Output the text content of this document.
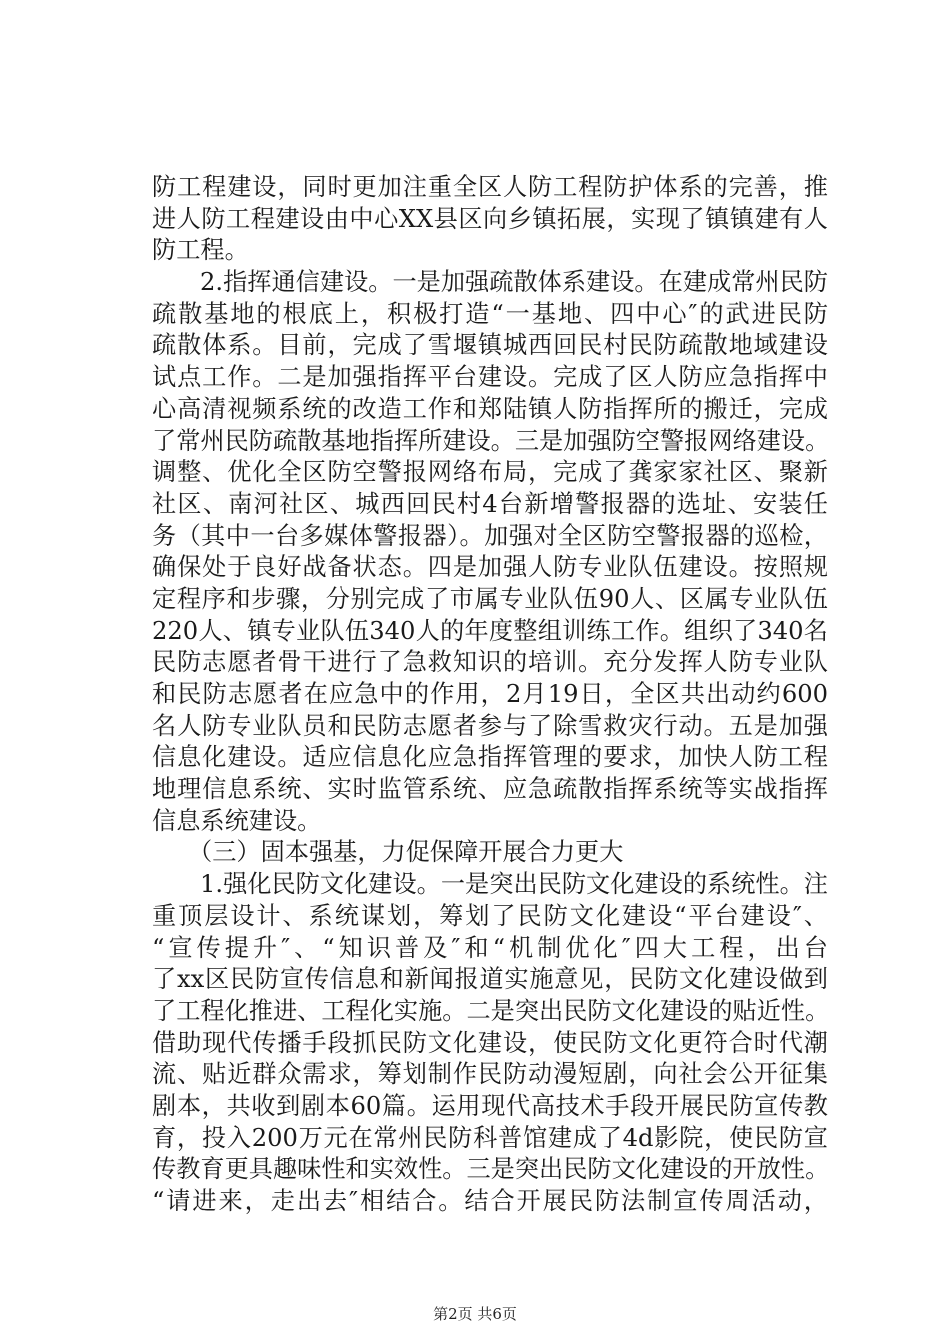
防工程建设，同时更加注重全区人防工程防护体系的完善，推
进人防工程建设由中心XX县区向乡镇拓展，实现了镇镇建有人
防工程。
2.指挥通信建设。一是加强疏散体系建设。在建成常州民防
疏散基地的根底上，积极打造“一基地、四中心″的武进民防
疏散体系。目前，完成了雪堰镇城西回民村民防疏散地域建设
试点工作。二是加强指挥平台建设。完成了区人防应急指挥中
心高清视频系统的改造工作和郑陆镇人防指挥所的搬迁，完成
了常州民防疏散基地指挥所建设。三是加强防空警报网络建设。
调整、优化全区防空警报网络布局，完成了龚家家社区、聚新
社区、南河社区、城西回民村4台新增警报器的选址、安装任
务（其中一台多媒体警报器）。加强对全区防空警报器的巡检，
确保处于良好战备状态。四是加强人防专业队伍建设。按照规
定程序和步骤，分别完成了市属专业队伍90人、区属专业队伍
220人、镇专业队伍340人的年度整组训练工作。组织了340名
民防志愿者骨干进行了急救知识的培训。充分发挥人防专业队
和民防志愿者在应急中的作用，2月19日，全区共出动约600
名人防专业队员和民防志愿者参与了除雪救灾行动。五是加强
信息化建设。适应信息化应急指挥管理的要求，加快人防工程
地理信息系统、实时监管系统、应急疏散指挥系统等实战指挥
信息系统建设。
（三）固本强基，力促保障开展合力更大
1.强化民防文化建设。一是突出民防文化建设的系统性。注
重顶层设计、系统谋划，筹划了民防文化建设“平台建设″、
“宣传提升″、“知识普及″和“机制优化″四大工程，出台
了xx区民防宣传信息和新闻报道实施意见，民防文化建设做到
了工程化推进、工程化实施。二是突出民防文化建设的贴近性。
借助现代传播手段抓民防文化建设，使民防文化更符合时代潮
流、贴近群众需求，筹划制作民防动漫短剧，向社会公开征集
剧本，共收到剧本60篇。运用现代高技术手段开展民防宣传教
育，投入200万元在常州民防科普馆建成了4d影院，使民防宣
传教育更具趣味性和实效性。三是突出民防文化建设的开放性。
“请进来，走出去″相结合。结合开展民防法制宣传周活动，
第2页 共6页
